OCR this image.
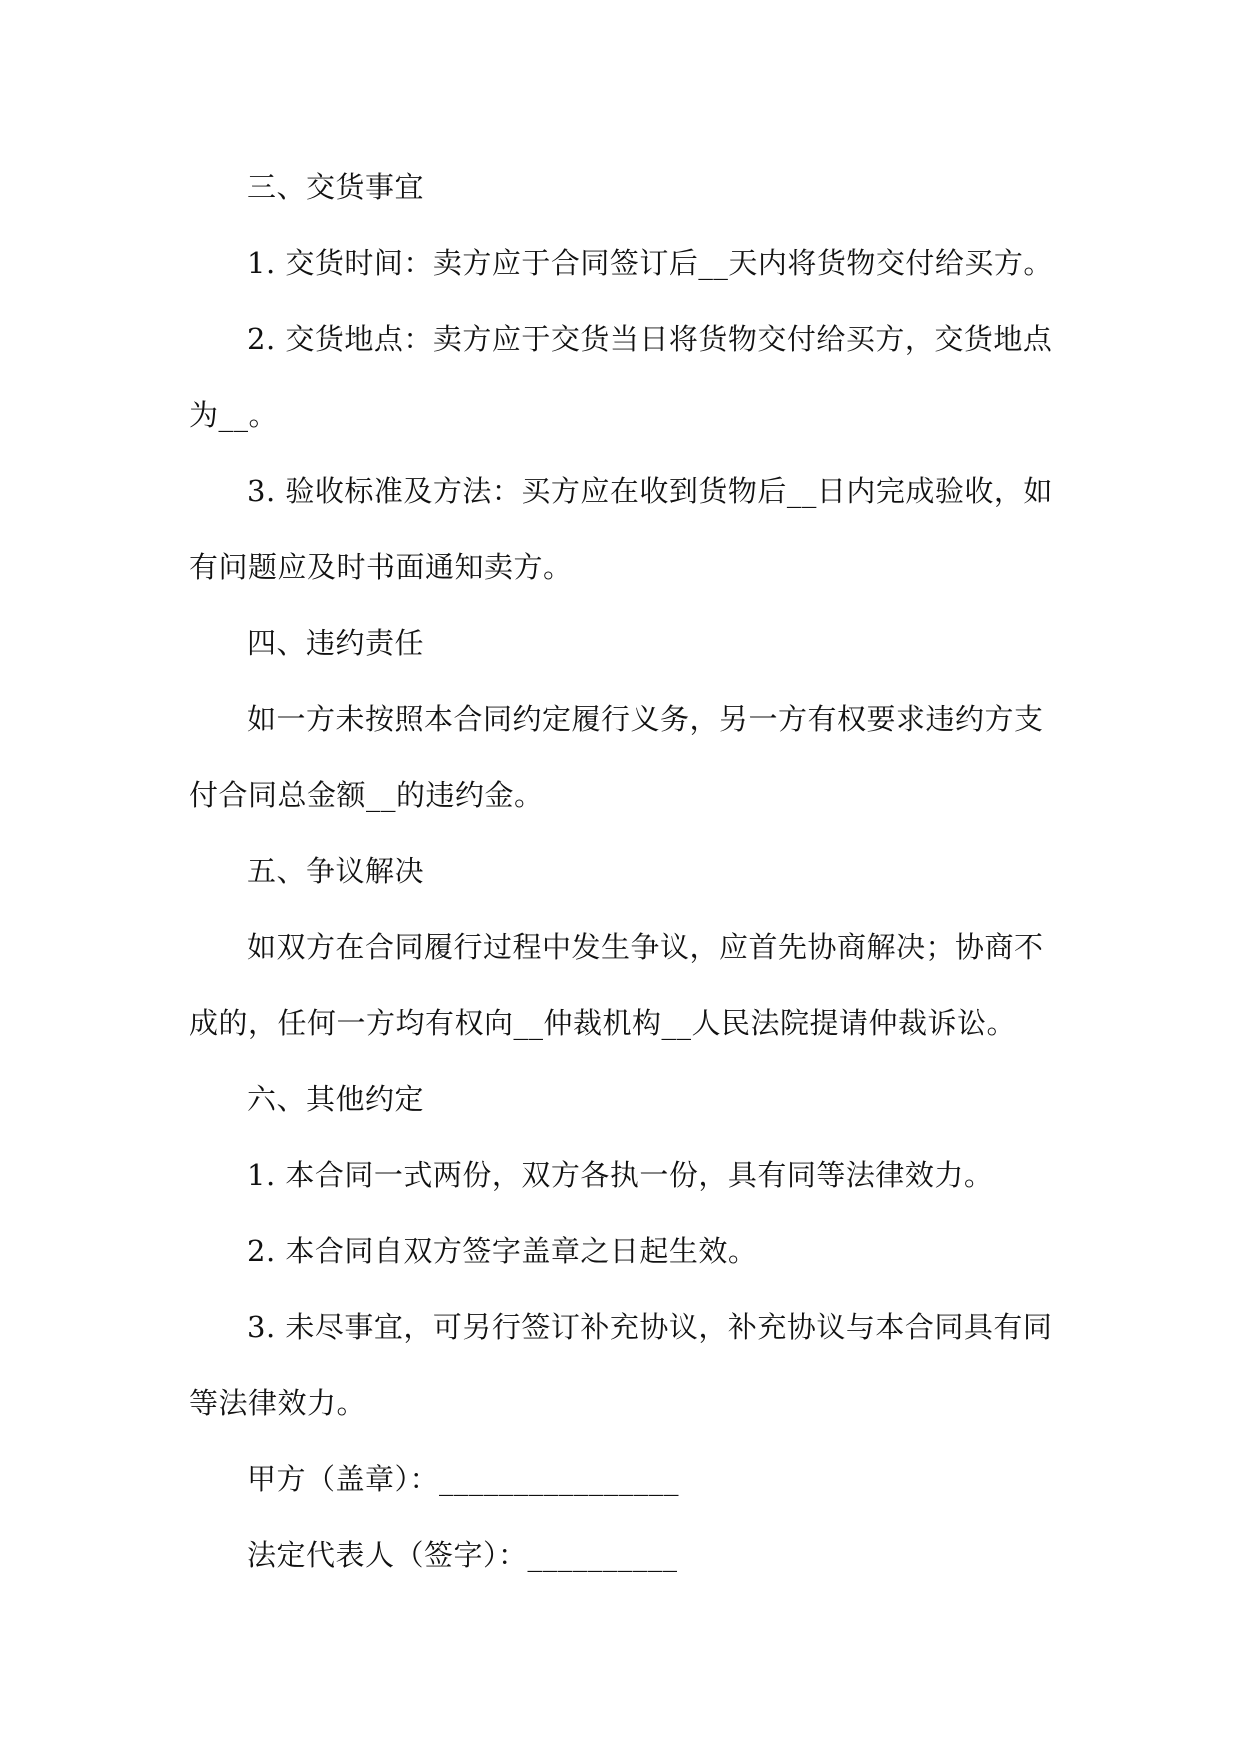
三、交货事宜

1. 交货时间：卖方应于合同签订后__天内将货物交付给买方。

2. 交货地点：卖方应于交货当日将货物交付给买方，交货地点为__。

3. 验收标准及方法：买方应在收到货物后__日内完成验收，如有问题应及时书面通知卖方。

四、违约责任

如一方未按照本合同约定履行义务，另一方有权要求违约方支付合同总金额__的违约金。

五、争议解决

如双方在合同履行过程中发生争议，应首先协商解决；协商不成的，任何一方均有权向__仲裁机构__人民法院提请仲裁诉讼。

六、其他约定

1. 本合同一式两份，双方各执一份，具有同等法律效力。

2. 本合同自双方签字盖章之日起生效。

3. 未尽事宜，可另行签订补充协议，补充协议与本合同具有同等法律效力。

甲方（盖章）：________________

法定代表人（签字）：__________
